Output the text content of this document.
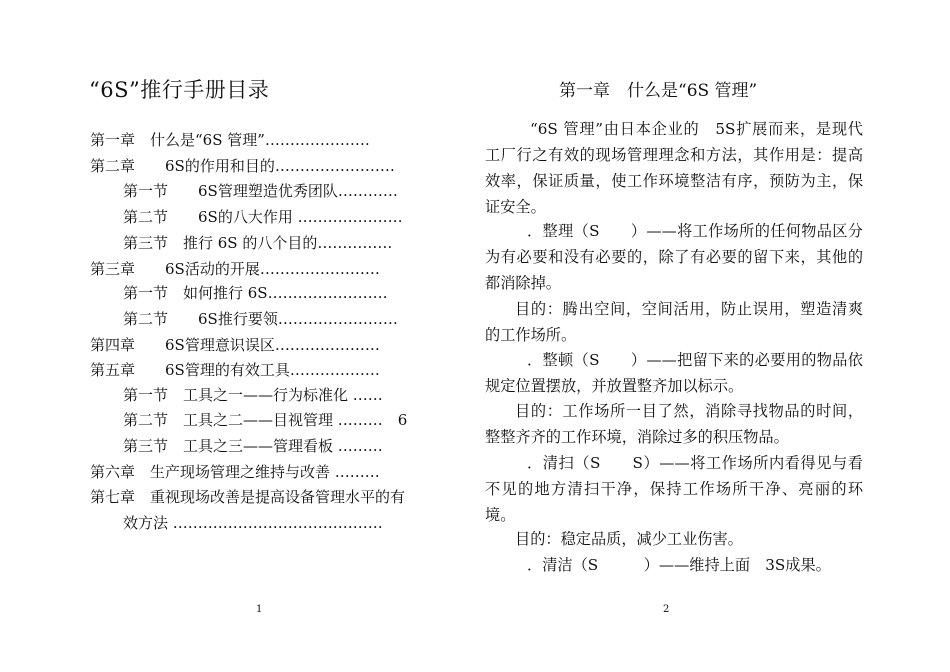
“6S”推行手册目录
第一章　什么是“6S 管理”…………………
第二章　　6S的作用和目的……………………
第一节　　6S管理塑造优秀团队…………
第二节　　6S的八大作用 …………………
第三节　推行 6S 的八个目的……………
第三章　　6S活动的开展……………………
第一节　如何推行 6S……………………
第二节　　6S推行要领……………………
第四章　　6S管理意识误区…………………
第五章　　6S管理的有效工具………………
第一节　工具之一——行为标准化 ……
第二节　工具之二——目视管理 ………　6
第三节　工具之三——管理看板 ………
第六章　生产现场管理之维持与改善 ………
第七章　重视现场改善是提高设备管理水平的有
效方法 ……………………………………
1
第一章　什么是“6S 管理”
“6S 管理”由日本企业的　5S扩展而来，是现代工厂行之有效的现场管理理念和方法，其作用是：提高效率，保证质量，使工作环境整洁有序，预防为主，保证安全。
．整理（S　　）——将工作场所的任何物品区分为有必要和没有必要的，除了有必要的留下来，其他的都消除掉。
目的：腾出空间，空间活用，防止误用，塑造清爽的工作场所。
．整顿（S　　）——把留下来的必要用的物品依规定位置摆放，并放置整齐加以标示。
目的：工作场所一目了然，消除寻找物品的时间，整整齐齐的工作环境，消除过多的积压物品。
．清扫（S　　S）——将工作场所内看得见与看不见的地方清扫干净，保持工作场所干净、亮丽的环境。
目的：稳定品质，减少工业伤害。
．清洁（S　　　）——维持上面　3S成果。
2
